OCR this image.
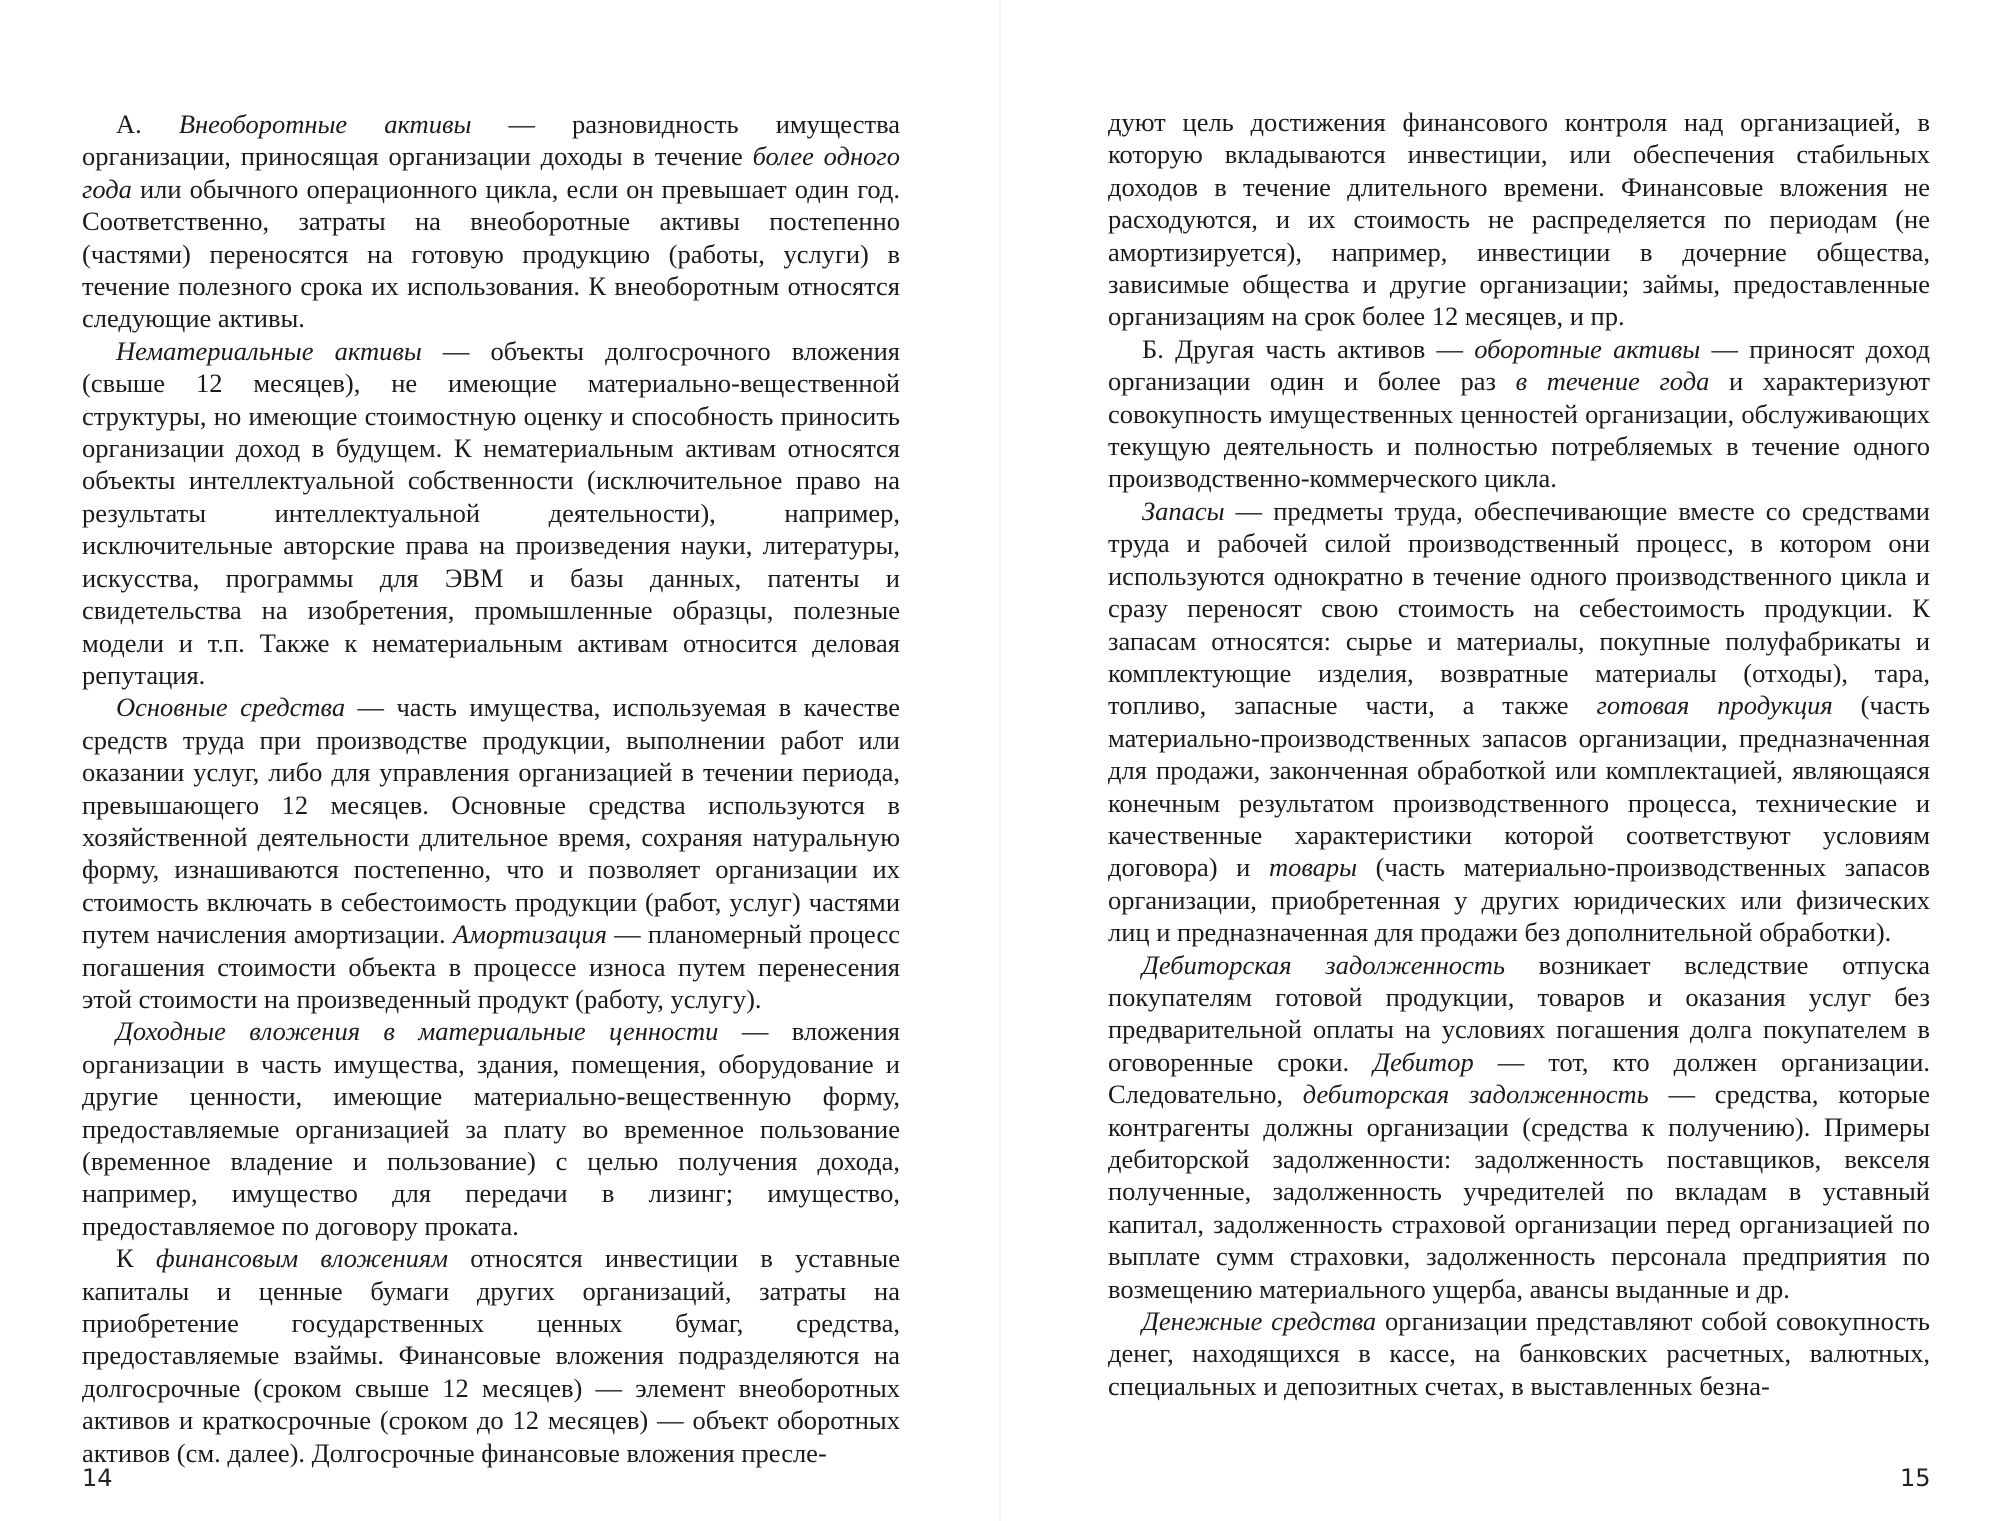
А. Внеоборотные активы — разновидность имущества организации, приносящая организации доходы в течение более одного года или обычного операционного цикла, если он превышает один год. Соответственно, затраты на внеоборотные активы постепенно (частями) переносятся на готовую продукцию (работы, услуги) в течение полезного срока их использования. К внеоборотным относятся следующие активы.

Нематериальные активы — объекты долгосрочного вложения (свыше 12 месяцев), не имеющие материально-вещественной структуры, но имеющие стоимостную оценку и способность приносить организации доход в будущем. К нематериальным активам относятся объекты интеллектуальной собственности (исключительное право на результаты интеллектуальной деятельности), например, исключительные авторские права на произведения науки, литературы, искусства, программы для ЭВМ и базы данных, патенты и свидетельства на изобретения, промышленные образцы, полезные модели и т.п. Также к нематериальным активам относится деловая репутация.

Основные средства — часть имущества, используемая в качестве средств труда при производстве продукции, выполнении работ или оказании услуг, либо для управления организацией в течении периода, превышающего 12 месяцев. Основные средства используются в хозяйственной деятельности длительное время, сохраняя натуральную форму, изнашиваются постепенно, что и позволяет организации их стоимость включать в себестоимость продукции (работ, услуг) частями путем начисления амортизации. Амортизация — планомерный процесс погашения стоимости объекта в процессе износа путем перенесения этой стоимости на произведенный продукт (работу, услугу).

Доходные вложения в материальные ценности — вложения организации в часть имущества, здания, помещения, оборудование и другие ценности, имеющие материально-вещественную форму, предоставляемые организацией за плату во временное пользование (временное владение и пользование) с целью получения дохода, например, имущество для передачи в лизинг; имущество, предоставляемое по договору проката.

К финансовым вложениям относятся инвестиции в уставные капиталы и ценные бумаги других организаций, затраты на приобретение государственных ценных бумаг, средства, предоставляемые взаймы. Финансовые вложения подразделяются на долгосрочные (сроком свыше 12 месяцев) — элемент внеоборотных активов и краткосрочные (сроком до 12 месяцев) — объект оборотных активов (см. далее). Долгосрочные финансовые вложения пресле-

14

дуют цель достижения финансового контроля над организацией, в которую вкладываются инвестиции, или обеспечения стабильных доходов в течение длительного времени. Финансовые вложения не расходуются, и их стоимость не распределяется по периодам (не амортизируется), например, инвестиции в дочерние общества, зависимые общества и другие организации; займы, предоставленные организациям на срок более 12 месяцев, и пр.

Б. Другая часть активов — оборотные активы — приносят доход организации один и более раз в течение года и характеризуют совокупность имущественных ценностей организации, обслуживающих текущую деятельность и полностью потребляемых в течение одного производственно-коммерческого цикла.

Запасы — предметы труда, обеспечивающие вместе со средствами труда и рабочей силой производственный процесс, в котором они используются однократно в течение одного производственного цикла и сразу переносят свою стоимость на себестоимость продукции. К запасам относятся: сырье и материалы, покупные полуфабрикаты и комплектующие изделия, возвратные материалы (отходы), тара, топливо, запасные части, а также готовая продукция (часть материально-производственных запасов организации, предназначенная для продажи, законченная обработкой или комплектацией, являющаяся конечным результатом производственного процесса, технические и качественные характеристики которой соответствуют условиям договора) и товары (часть материально-производственных запасов организации, приобретенная у других юридических или физических лиц и предназначенная для продажи без дополнительной обработки).

Дебиторская задолженность возникает вследствие отпуска покупателям готовой продукции, товаров и оказания услуг без предварительной оплаты на условиях погашения долга покупателем в оговоренные сроки. Дебитор — тот, кто должен организации. Следовательно, дебиторская задолженность — средства, которые контрагенты должны организации (средства к получению). Примеры дебиторской задолженности: задолженность поставщиков, векселя полученные, задолженность учредителей по вкладам в уставный капитал, задолженность страховой организации перед организацией по выплате сумм страховки, задолженность персонала предприятия по возмещению материального ущерба, авансы выданные и др.

Денежные средства организации представляют собой совокупность денег, находящихся в кассе, на банковских расчетных, валютных, специальных и депозитных счетах, в выставленных безна-

15
